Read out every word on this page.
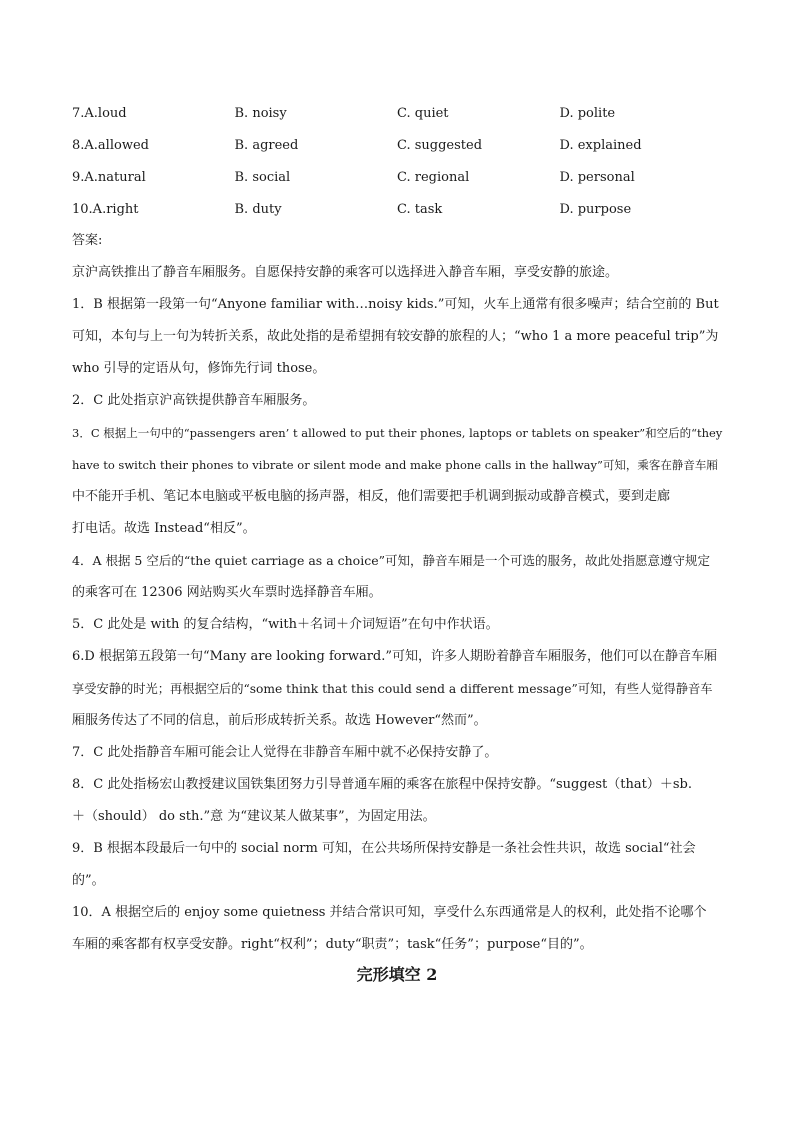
7.A.loud	B. noisy	C. quiet	D. polite
8.A.allowed	B. agreed	C. suggested	D. explained
9.A.natural	B. social	C. regional	D. personal
10.A.right	B. duty	C. task	D. purpose
答案:
京沪高铁推出了静音车厢服务。自愿保持安静的乘客可以选择进入静音车厢，享受安静的旅途。
1．B 根据第一段第一句“Anyone familiar with…noisy kids.”可知，火车上通常有很多噪声；结合空前的 But
可知，本句与上一句为转折关系，故此处指的是希望拥有较安静的旅程的人；“who 1 a more peaceful trip”为
who 引导的定语从句，修饰先行词 those。
2．C 此处指京沪高铁提供静音车厢服务。
3．C 根据上一句中的“passengers aren’ t allowed to put their phones, laptops or tablets on speaker”和空后的“they
have to switch their phones to vibrate or silent mode and make phone calls in the hallway”可知，乘客在静音车厢
中不能开手机、笔记本电脑或平板电脑的扬声器，相反，他们需要把手机调到振动或静音模式，要到走廊
打电话。故选 Instead“相反”。
4．A 根据 5 空后的“the quiet carriage as a choice”可知，静音车厢是一个可选的服务，故此处指愿意遵守规定
的乘客可在 12306 网站购买火车票时选择静音车厢。
5．C 此处是 with 的复合结构，“with＋名词＋介词短语”在句中作状语。
6.D 根据第五段第一句“Many are looking forward.”可知，许多人期盼着静音车厢服务，他们可以在静音车厢
享受安静的时光；再根据空后的“some think that this could send a different message”可知，有些人觉得静音车
厢服务传达了不同的信息，前后形成转折关系。故选 However“然而”。
7．C 此处指静音车厢可能会让人觉得在非静音车厢中就不必保持安静了。
8．C 此处指杨宏山教授建议国铁集团努力引导普通车厢的乘客在旅程中保持安静。“suggest（that）＋sb.
＋（should） do sth.”意 为“建议某人做某事”，为固定用法。
9．B 根据本段最后一句中的 social norm 可知，在公共场所保持安静是一条社会性共识，故选 social“社会
的”。
10．A 根据空后的 enjoy some quietness 并结合常识可知，享受什么东西通常是人的权利，此处指不论哪个
车厢的乘客都有权享受安静。right“权利”；duty“职责”；task“任务”；purpose“目的”。
完形填空 2
